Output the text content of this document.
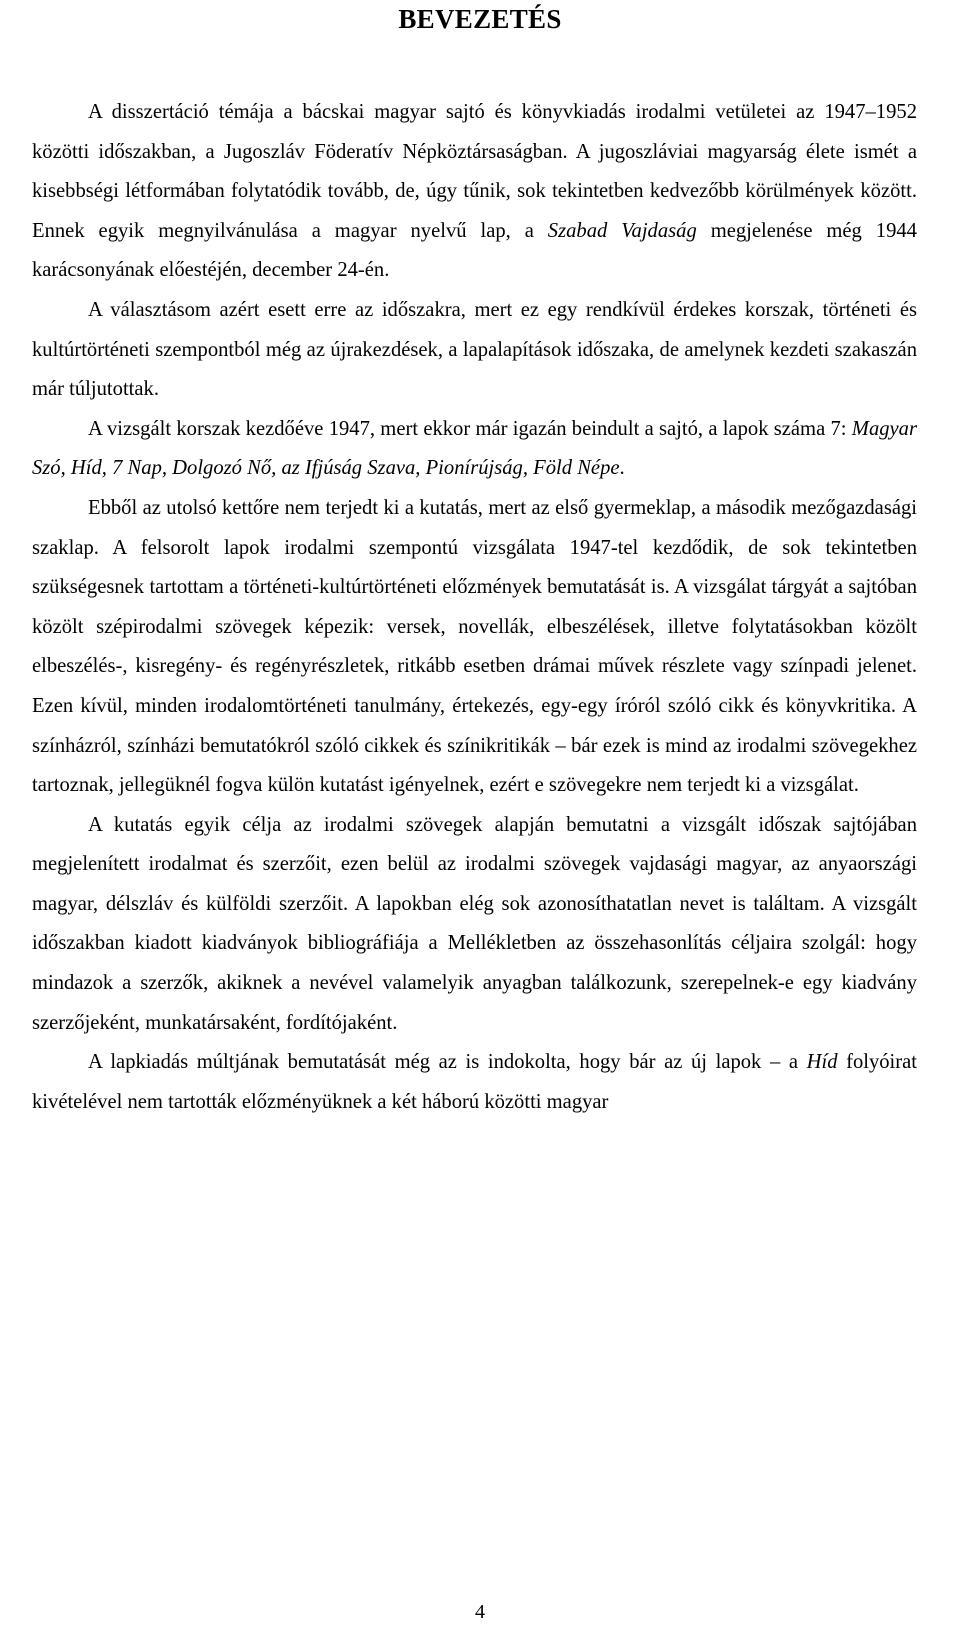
BEVEZETÉS

A disszertáció témája a bácskai magyar sajtó és könyvkiadás irodalmi vetületei az 1947–1952 közötti időszakban, a Jugoszláv Föderatív Népköztársaságban. A jugoszláviai magyarság élete ismét a kisebbségi létformában folytatódik tovább, de, úgy tűnik, sok tekintetben kedvezőbb körülmények között. Ennek egyik megnyilvánulása a magyar nyelvű lap, a Szabad Vajdaság megjelenése még 1944 karácsonyának előestéjén, december 24-én.

A választásom azért esett erre az időszakra, mert ez egy rendkívül érdekes korszak, történeti és kultúrtörténeti szempontból még az újrakezdések, a lapalapítások időszaka, de amelynek kezdeti szakaszán már túljutottak.

A vizsgált korszak kezdőéve 1947, mert ekkor már igazán beindult a sajtó, a lapok száma 7: Magyar Szó, Híd, 7 Nap, Dolgozó Nő, az Ifjúság Szava, Pionírújság, Föld Népe.

Ebből az utolsó kettőre nem terjedt ki a kutatás, mert az első gyermeklap, a második mezőgazdasági szaklap. A felsorolt lapok irodalmi szempontú vizsgálata 1947-tel kezdődik, de sok tekintetben szükségesnek tartottam a történeti-kultúrtörténeti előzmények bemutatását is. A vizsgálat tárgyát a sajtóban közölt szépirodalmi szövegek képezik: versek, novellák, elbeszélések, illetve folytatásokban közölt elbeszélés-, kisregény- és regényrészletek, ritkább esetben drámai művek részlete vagy színpadi jelenet. Ezen kívül, minden irodalomtörténeti tanulmány, értekezés, egy-egy íróról szóló cikk és könyvkritika. A színházról, színházi bemutatókról szóló cikkek és színikritikák – bár ezek is mind az irodalmi szövegekhez tartoznak, jellegüknél fogva külön kutatást igényelnek, ezért e szövegekre nem terjedt ki a vizsgálat.

A kutatás egyik célja az irodalmi szövegek alapján bemutatni a vizsgált időszak sajtójában megjelenített irodalmat és szerzőit, ezen belül az irodalmi szövegek vajdasági magyar, az anyaországi magyar, délszláv és külföldi szerzőit. A lapokban elég sok azonosíthatatlan nevet is találtam. A vizsgált időszakban kiadott kiadványok bibliográfiája a Mellékletben az összehasonlítás céljaira szolgál: hogy mindazok a szerzők, akiknek a nevével valamelyik anyagban találkozunk, szerepelnek-e egy kiadvány szerzőjeként, munkatársaként, fordítójaként.

A lapkiadás múltjának bemutatását még az is indokolta, hogy bár az új lapok – a Híd folyóirat kivételével nem tartották előzményüknek a két háború közötti magyar

4
